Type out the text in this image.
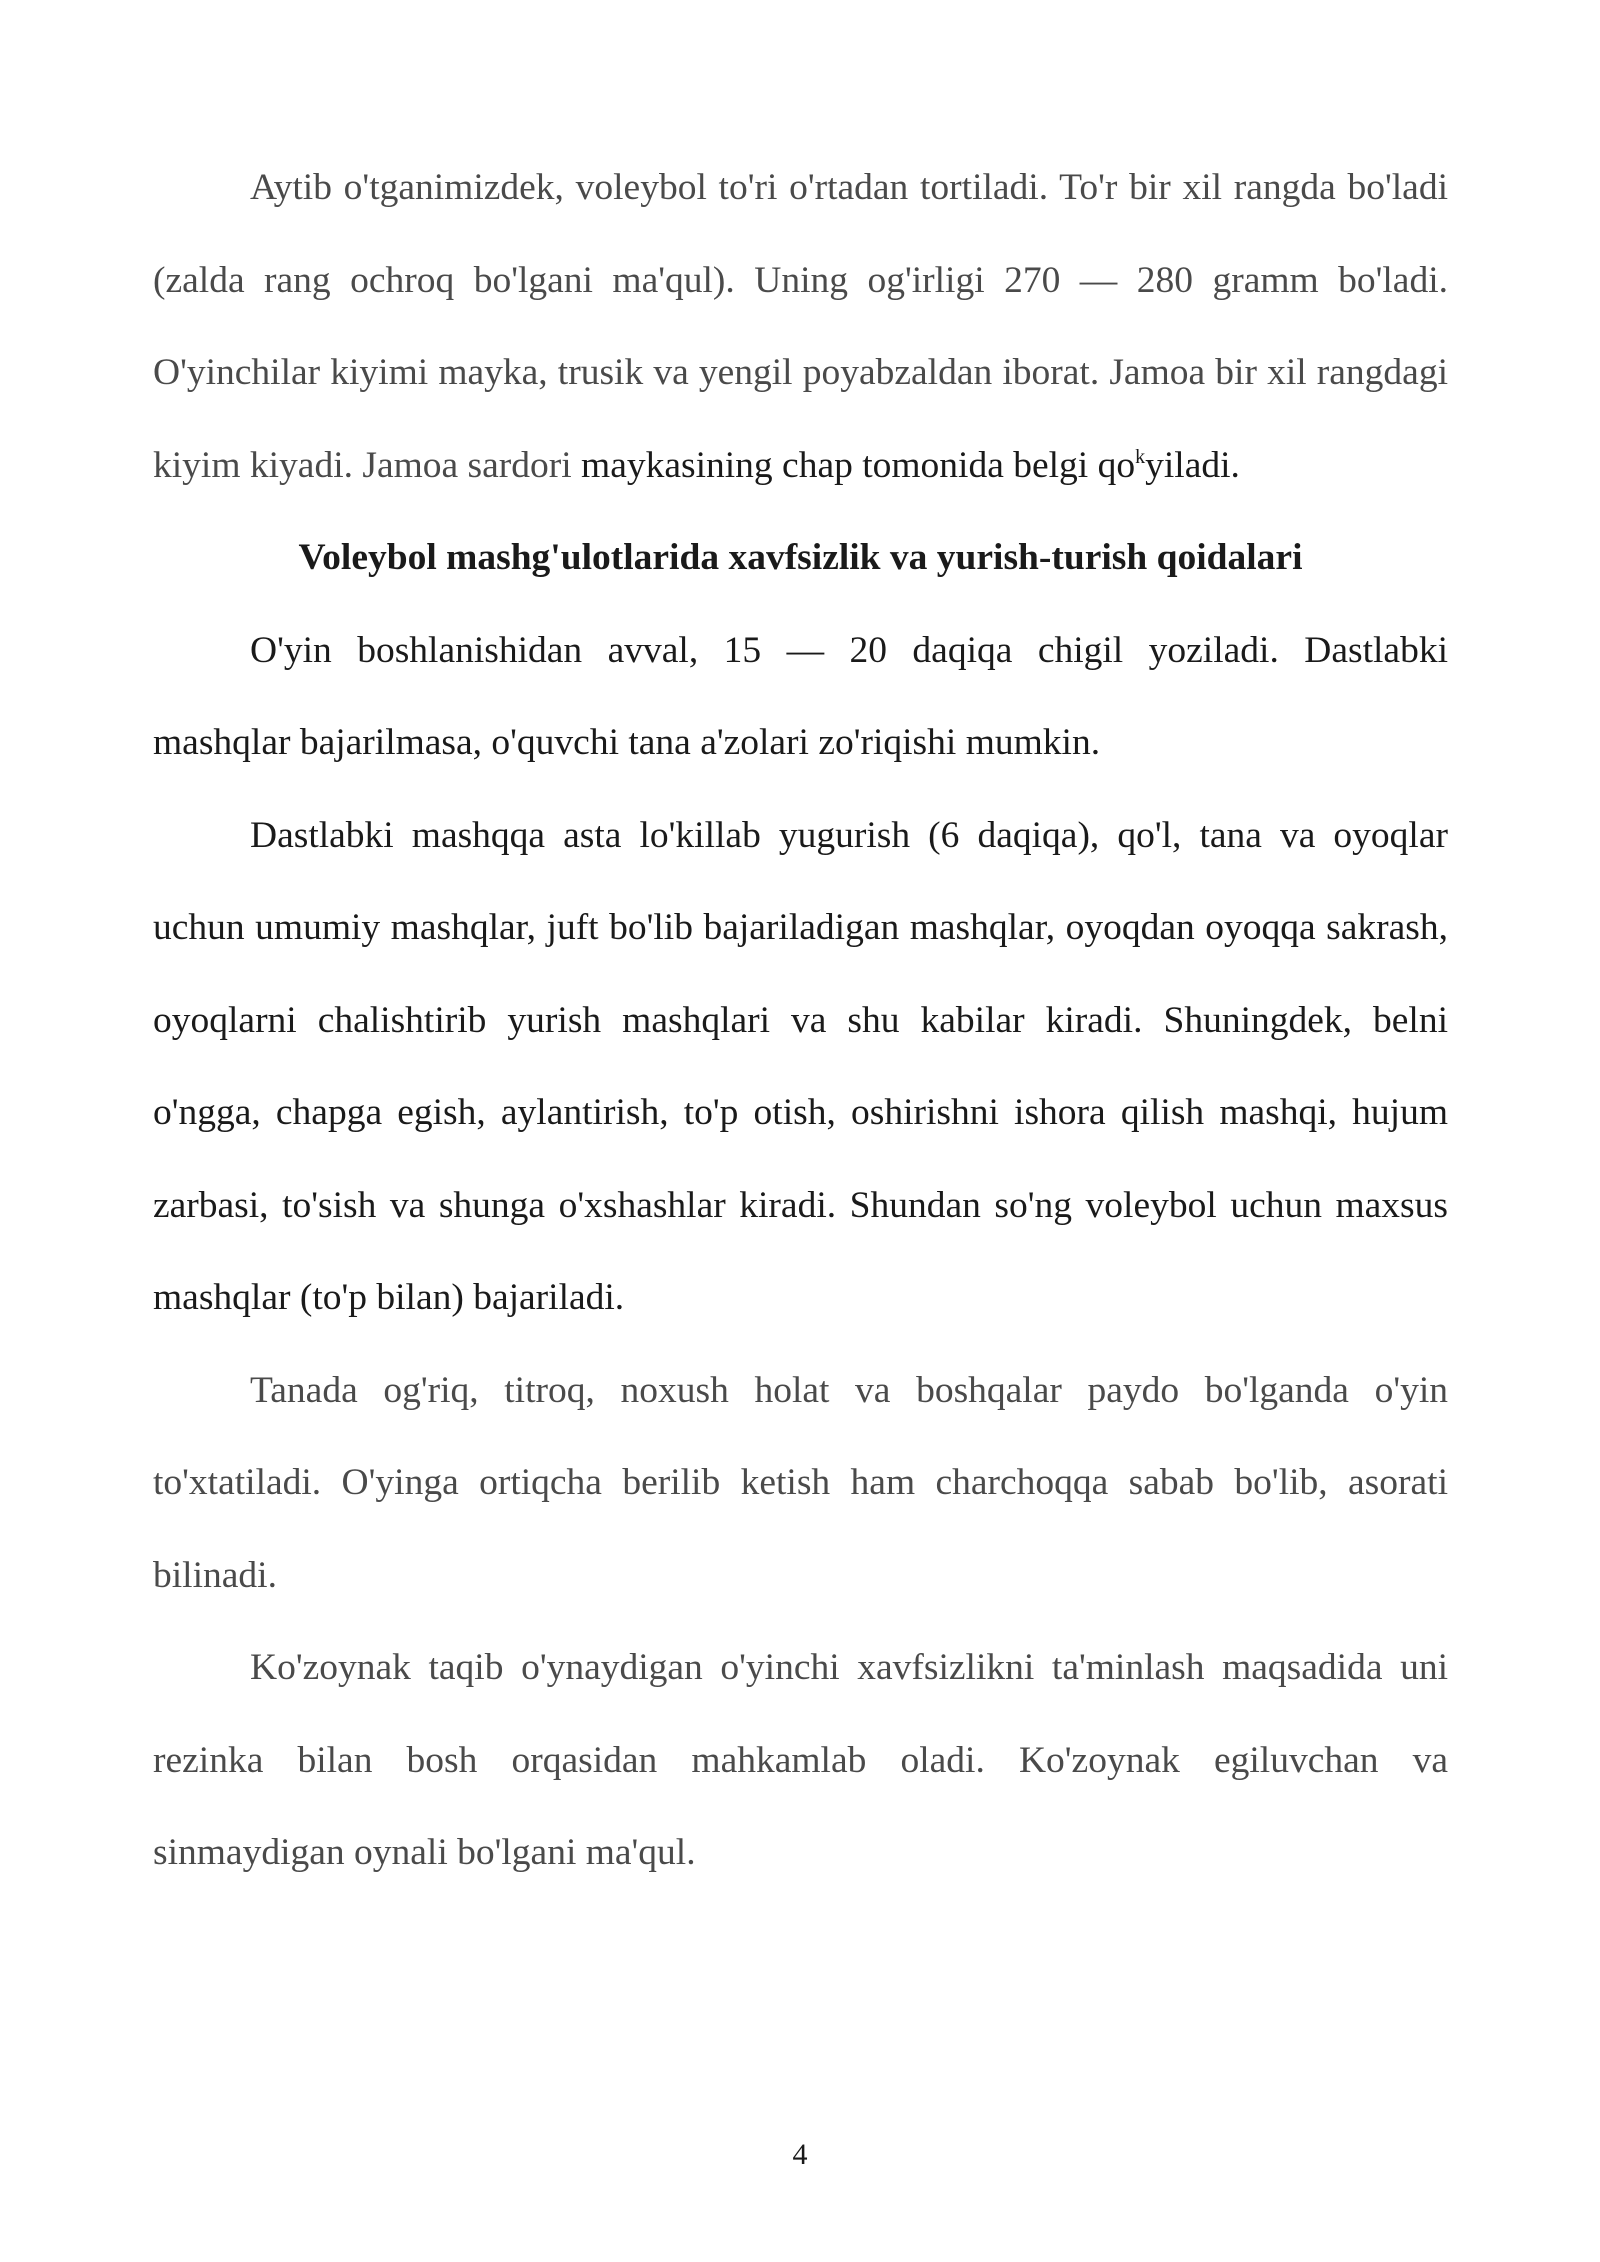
Aytib o'tganimizdek, voleybol to'ri o'rtadan tortiladi. To'r bir xil rangda bo'ladi (zalda rang ochroq bo'lgani ma'qul). Uning og'irligi 270 — 280 gramm bo'ladi. O'yinchilar kiyimi mayka, trusik va yengil poyabzaldan iborat. Jamoa bir xil rangdagi kiyim kiyadi. Jamoa sardori maykasining chap tomonida belgi $qo^kyiladi$.

Voleybol mashg'ulotlarida xavfsizlik va yurish-turish qoidalari

O'yin boshlanishidan avval, 15 — 20 daqiqa chigil yoziladi. Dastlabki mashqlar bajarilmasa, o'quvchi tana a'zolari zo'riqishi mumkin.

Dastlabki mashqqa asta lo'killab yugurish (6 daqiqa), qo'l, tana va oyoqlar uchun umumiy mashqlar, juft bo'lib bajariladigan mashqlar, oyoqdan oyoqqa sakrash, oyoqlarni chalishtirib yurish mashqlari va shu kabilar kiradi. Shuningdek, belni o'ngga, chapga egish, aylantirish, to'p otish, oshirishni ishora qilish mashqi, hujum zarbasi, to'sish va shunga o'xshashlar kiradi. Shundan so'ng voleybol uchun maxsus mashqlar (to'p bilan) bajariladi.

Tanada og'riq, titroq, noxush holat va boshqalar paydo bo'lganda o'yin to'xtatiladi. O'yinga ortiqcha berilib ketish ham charchoqqa sabab bo'lib, asorati bilinadi.

Ko'zoynak taqib o'ynaydigan o'yinchi xavfsizlikni ta'minlash maqsadida uni rezinka bilan bosh orqasidan mahkamlab oladi. Ko'zoynak egiluvchan va sinmaydigan oynali bo'lgani ma'qul.

4
